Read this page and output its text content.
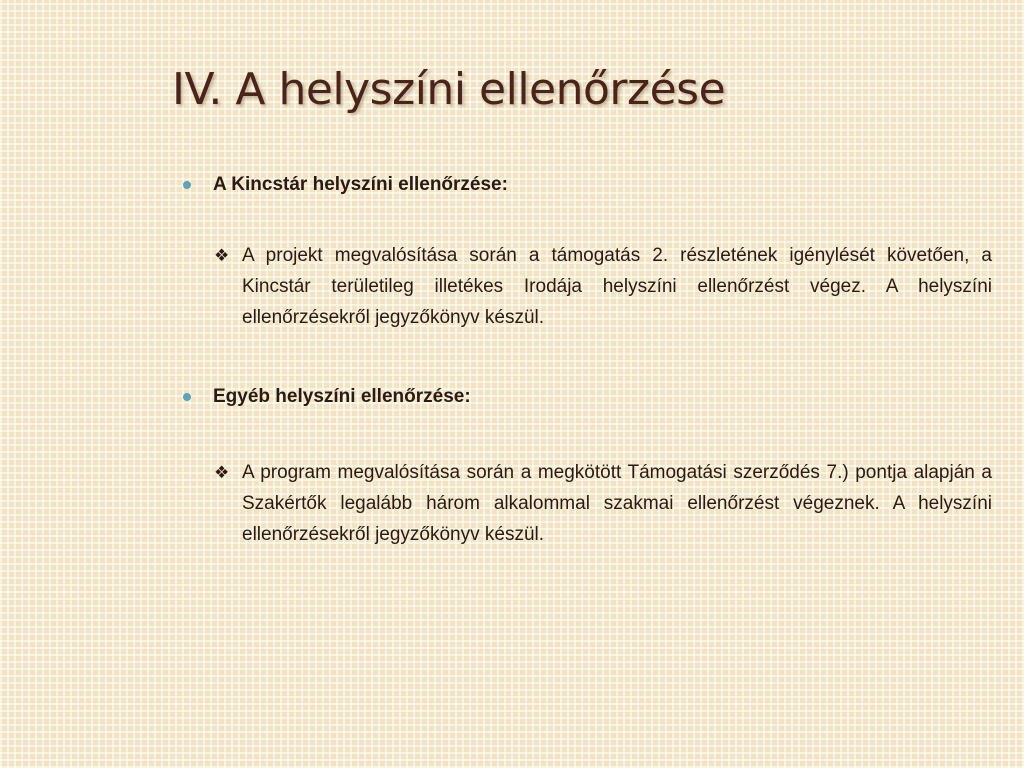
IV. A helyszíni ellenőrzése
A Kincstár helyszíni ellenőrzése:
❖ A projekt megvalósítása során a támogatás 2. részletének igénylését követően, a Kincstár területileg illetékes Irodája helyszíni ellenőrzést végez. A helyszíni ellenőrzésekről jegyzőkönyv készül.
Egyéb helyszíni ellenőrzése:
❖ A program megvalósítása során a megkötött Támogatási szerződés 7.) pontja alapján a Szakértők legalább három alkalommal szakmai ellenőrzést végeznek. A helyszíni ellenőrzésekről jegyzőkönyv készül.
